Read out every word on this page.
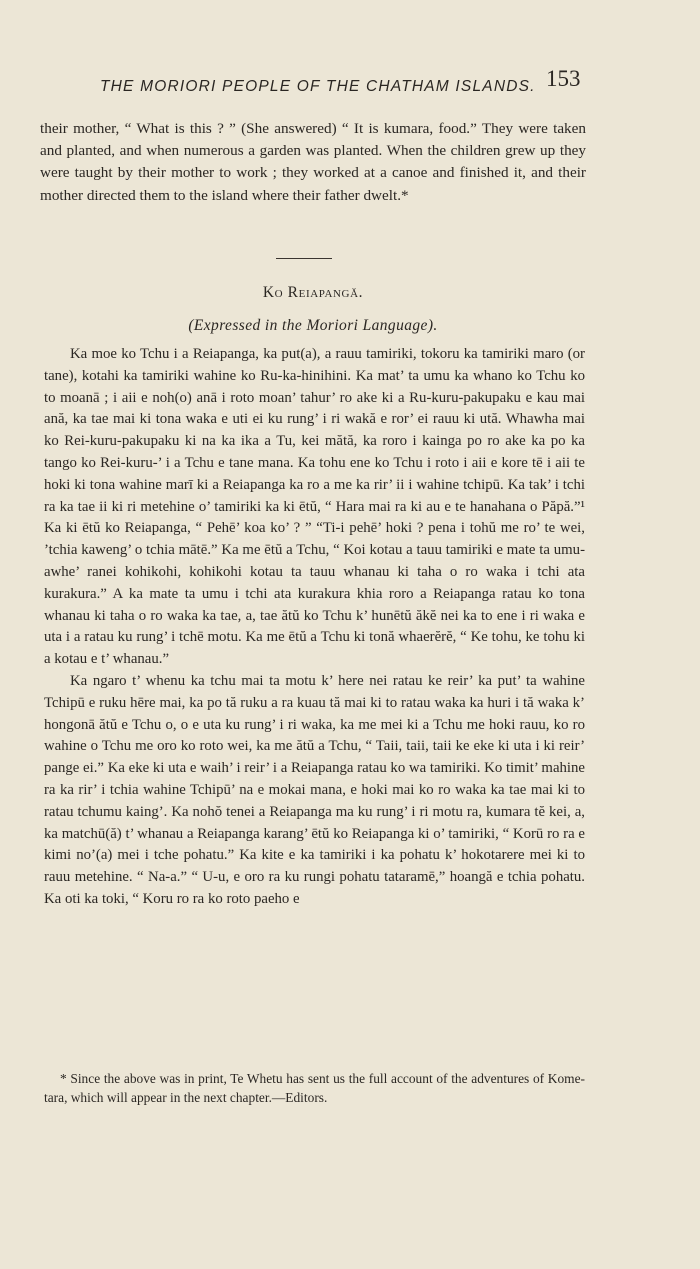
THE MORIORI PEOPLE OF THE CHATHAM ISLANDS. 153

their mother, “ What is this ? ” (She answered) “ It is kumara, food.” They were taken and planted, and when numerous a garden was planted. When the children grew up they were taught by their mother to work ; they worked at a canoe and finished it, and their mother directed them to the island where their father dwelt.*

Ko Reiapangă.
(Expressed in the Moriori Language).

Ka moe ko Tchu i a Reiapanga, ka put(a), a rauu tamiriki, tokoru ka tamiriki maro (or tane), kotahi ka tamiriki wahine ko Ru-ka-hinihini. Ka mat’ ta umu ka whano ko Tchu ko to moanā ; i aii e noh(o) anā i roto moan’ tahur’ ro ake ki a Ru-kuru-pakupaku e kau mai ană, ka tae mai ki tona waka e uti ei ku rung’ i ri wakă e ror’ ei rauu ki ută. Whawha mai ko Rei-kuru-pakupaku ki na ka ika a Tu, kei mătă, ka roro i kainga po ro ake ka po ka tango ko Rei-kuru-’ i a Tchu e tane mana. Ka tohu ene ko Tchu i roto i aii e kore tē i aii te hoki ki tona wahine marī ki a Reiapanga ka ro a me ka rir’ ii i wahine tchipū. Ka tak’ i tchi ra ka tae ii ki ri metehine o’ tamiriki ka ki ētŭ, “ Hara mai ra ki au e te hanahana o Păpă.”¹ Ka ki ētŭ ko Reiapanga, “ Pehē’ koa ko’ ? ” “Ti-i pehē’ hoki ? pena i tohŭ me ro’ te wei, ’tchia kaweng’ o tchia mātē.” Ka me ētŭ a Tchu, “ Koi kotau a tauu tamiriki e mate ta umu-awhe’ ranei kohikohi, kohikohi kotau ta tauu whanau ki taha o ro waka i tchi ata kurakura.” A ka mate ta umu i tchi ata kurakura khia roro a Reiapanga ratau ko tona whanau ki taha o ro waka ka tae, a, tae ătŭ ko Tchu k’ hunētŭ ăkĕ nei ka to ene i ri waka e uta i a ratau ku rung’ i tchē motu. Ka me ētŭ a Tchu ki tonă whaerĕrĕ, “ Ke tohu, ke tohu ki a kotau e t’ whanau.”

Ka ngaro t’ whenu ka tchu mai ta motu k’ here nei ratau ke reir’ ka put’ ta wahine Tchipū e ruku hēre mai, ka po tă ruku a ra kuau tă mai ki to ratau waka ka huri i tă waka k’ hongonā ătŭ e Tchu o, o e uta ku rung’ i ri waka, ka me mei ki a Tchu me hoki rauu, ko ro wahine o Tchu me oro ko roto wei, ka me ătŭ a Tchu, “ Taii, taii, taii ke eke ki uta i ki reir’ pange ei.” Ka eke ki uta e waih’ i reir’ i a Reiapanga ratau ko wa tamiriki. Ko timit’ mahine ra ka rir’ i tchia wahine Tchipū’ na e mokai mana, e hoki mai ko ro waka ka tae mai ki to ratau tchumu kaing’. Ka nohŏ tenei a Reiapanga ma ku rung’ i ri motu ra, kumara tĕ kei, a, ka matchū(ă) t’ whanau a Reiapanga karang’ ētŭ ko Reiapanga ki o’ tamiriki, “ Korū ro ra e kimi no’(a) mei i tche pohatu.” Ka kite e ka tamiriki i ka pohatu k’ hokotarere mei ki to rauu metehine. “ Na-a.” “ U-u, e oro ra ku rungi pohatu tataramē,” hoangă e tchia pohatu. Ka oti ka toki, “ Koru ro ra ko roto paeho e

* Since the above was in print, Te Whetu has sent us the full account of the adventures of Kome-tara, which will appear in the next chapter.—Editors.
